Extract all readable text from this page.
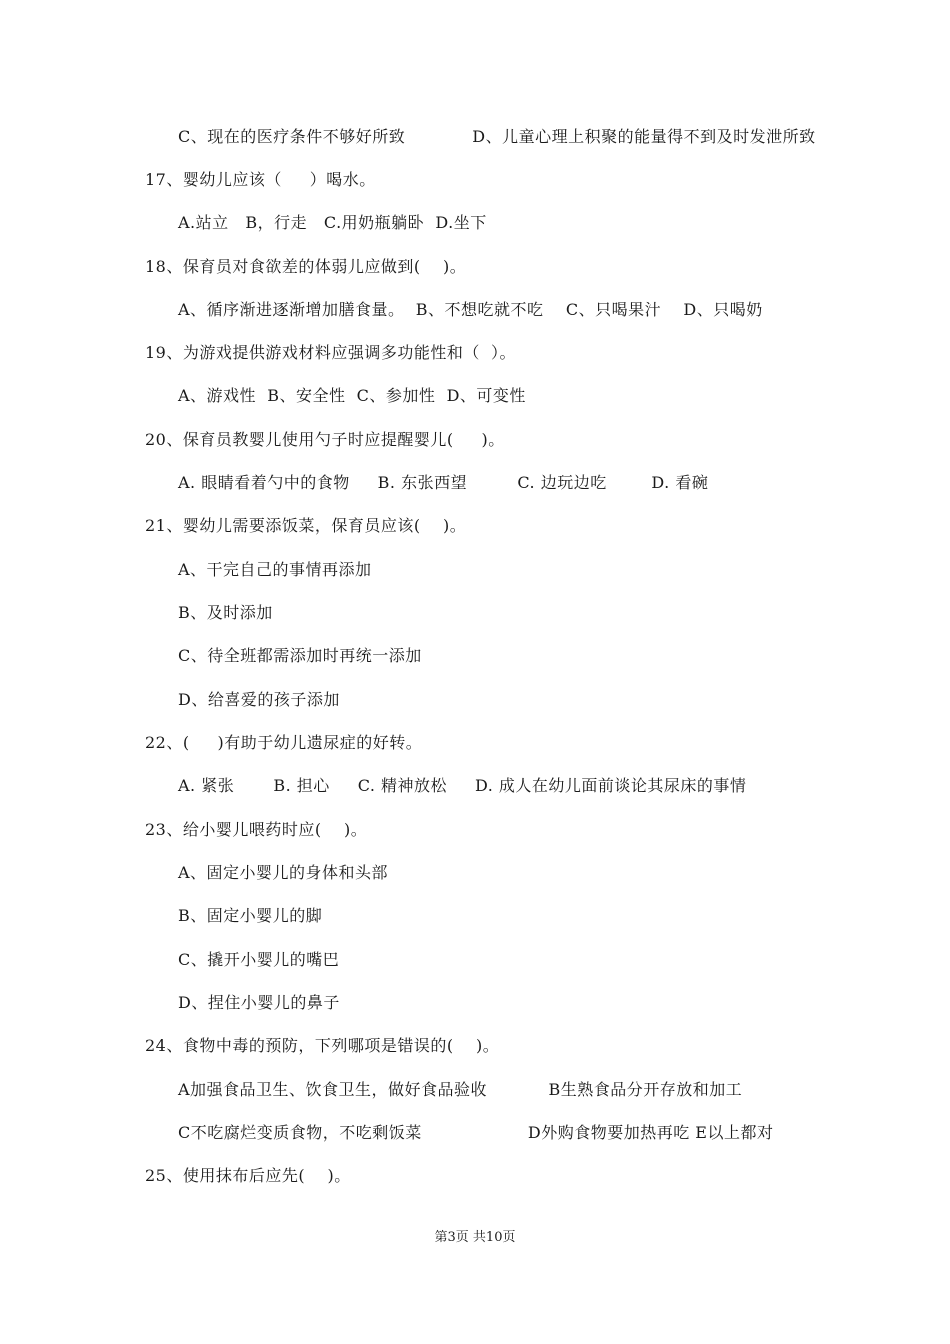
C、现在的医疗条件不够好所致            D、儿童心理上积聚的能量得不到及时发泄所致
17、婴幼儿应该（     ）喝水。
A.站立   B，行走   C.用奶瓶躺卧  D.坐下
18、保育员对食欲差的体弱儿应做到(    )。
A、循序渐进逐渐增加膳食量。  B、不想吃就不吃    C、只喝果汁    D、只喝奶
19、为游戏提供游戏材料应强调多功能性和（  ）。
A、游戏性  B、安全性  C、参加性  D、可变性
20、保育员教婴儿使用勺子时应提醒婴儿(     )。
A. 眼睛看着勺中的食物     B. 东张西望         C. 边玩边吃        D. 看碗
21、婴幼儿需要添饭菜，保育员应该(    )。
A、干完自己的事情再添加
B、及时添加
C、待全班都需添加时再统一添加
D、给喜爱的孩子添加
22、(     )有助于幼儿遗尿症的好转。
A. 紧张       B. 担心     C. 精神放松     D. 成人在幼儿面前谈论其尿床的事情
23、给小婴儿喂药时应(    )。
A、固定小婴儿的身体和头部
B、固定小婴儿的脚
C、撬开小婴儿的嘴巴
D、捏住小婴儿的鼻子
24、食物中毒的预防，下列哪项是错误的(    )。
A加强食品卫生、饮食卫生，做好食品验收           B生熟食品分开存放和加工
C不吃腐烂变质食物，不吃剩饭菜                   D外购食物要加热再吃 E以上都对
25、使用抹布后应先(    )。
第3页 共10页
